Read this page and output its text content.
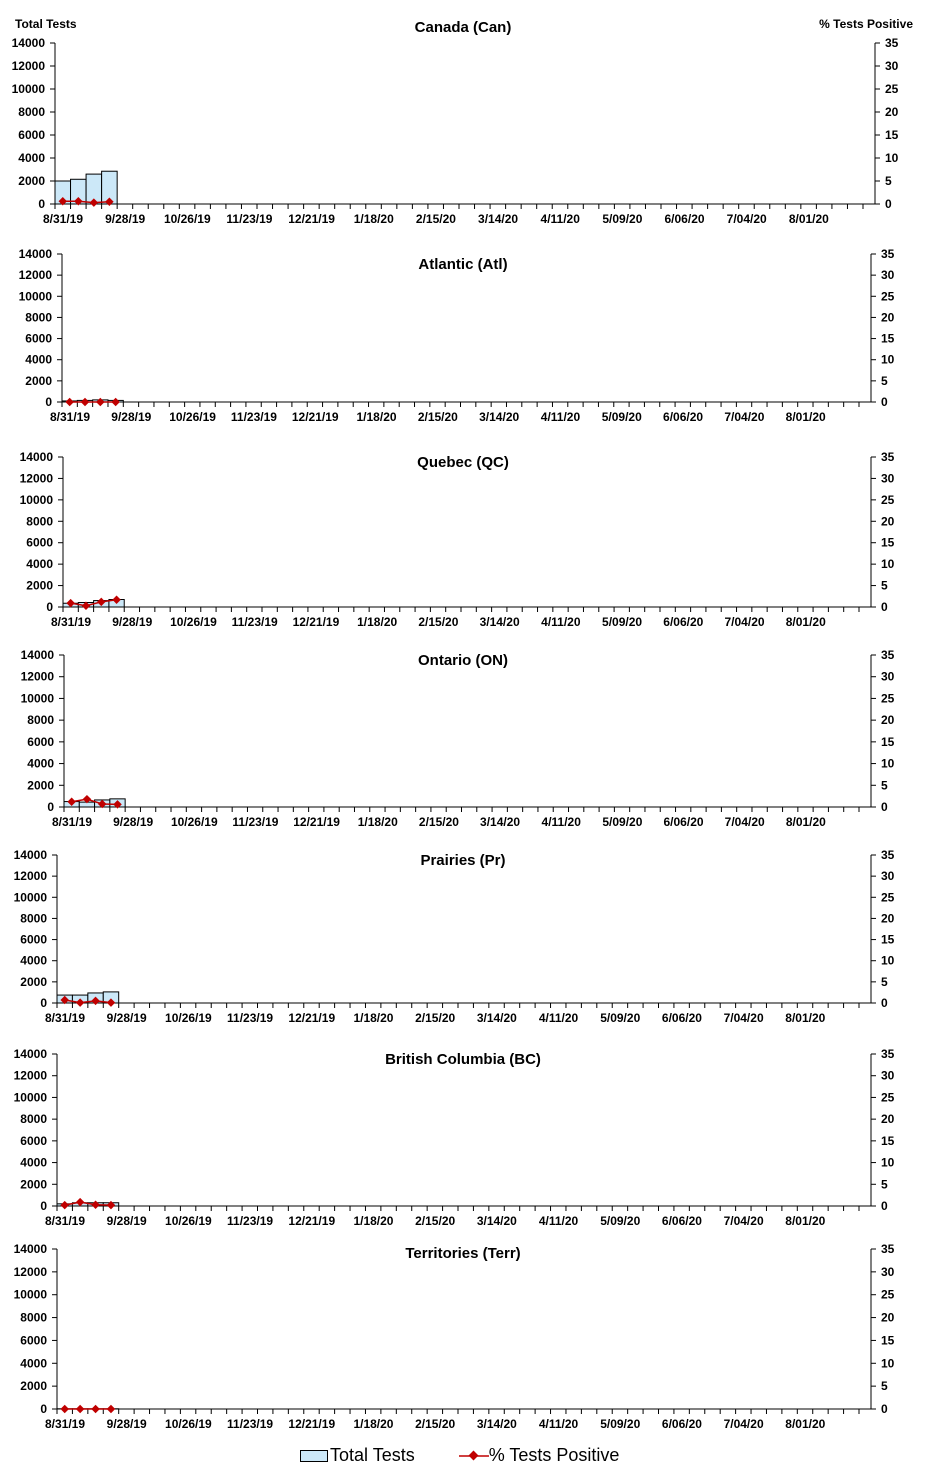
Canada (Can)
Total Tests	% Tests Positive
0
2000
4000
6000
8000
10000
12000
14000
0
5
10
15
20
25
30
35
8/31/19 9/28/19 10/26/19 11/23/19 12/21/19 1/18/20 2/15/20 3/14/20 4/11/20 5/09/20 6/06/20 7/04/20 8/01/20
Atlantic (Atl)
0
2000
4000
6000
8000
10000
12000
14000
0
5
10
15
20
25
30
35
8/31/19 9/28/19 10/26/19 11/23/19 12/21/19 1/18/20 2/15/20 3/14/20 4/11/20 5/09/20 6/06/20 7/04/20 8/01/20
Quebec (QC)
0
2000
4000
6000
8000
10000
12000
14000
0
5
10
15
20
25
30
35
8/31/19 9/28/19 10/26/19 11/23/19 12/21/19 1/18/20 2/15/20 3/14/20 4/11/20 5/09/20 6/06/20 7/04/20 8/01/20
Ontario (ON)
0
2000
4000
6000
8000
10000
12000
14000
0
5
10
15
20
25
30
35
8/31/19 9/28/19 10/26/19 11/23/19 12/21/19 1/18/20 2/15/20 3/14/20 4/11/20 5/09/20 6/06/20 7/04/20 8/01/20
Prairies (Pr)
0
2000
4000
6000
8000
10000
12000
14000
0
5
10
15
20
25
30
35
8/31/19 9/28/19 10/26/19 11/23/19 12/21/19 1/18/20 2/15/20 3/14/20 4/11/20 5/09/20 6/06/20 7/04/20 8/01/20
British Columbia (BC)
0
2000
4000
6000
8000
10000
12000
14000
0
5
10
15
20
25
30
35
8/31/19 9/28/19 10/26/19 11/23/19 12/21/19 1/18/20 2/15/20 3/14/20 4/11/20 5/09/20 6/06/20 7/04/20 8/01/20
Territories (Terr)
0
2000
4000
6000
8000
10000
12000
14000
0
5
10
15
20
25
30
35
8/31/19 9/28/19 10/26/19 11/23/19 12/21/19 1/18/20 2/15/20 3/14/20 4/11/20 5/09/20 6/06/20 7/04/20 8/01/20
Total Tests	% Tests Positive
